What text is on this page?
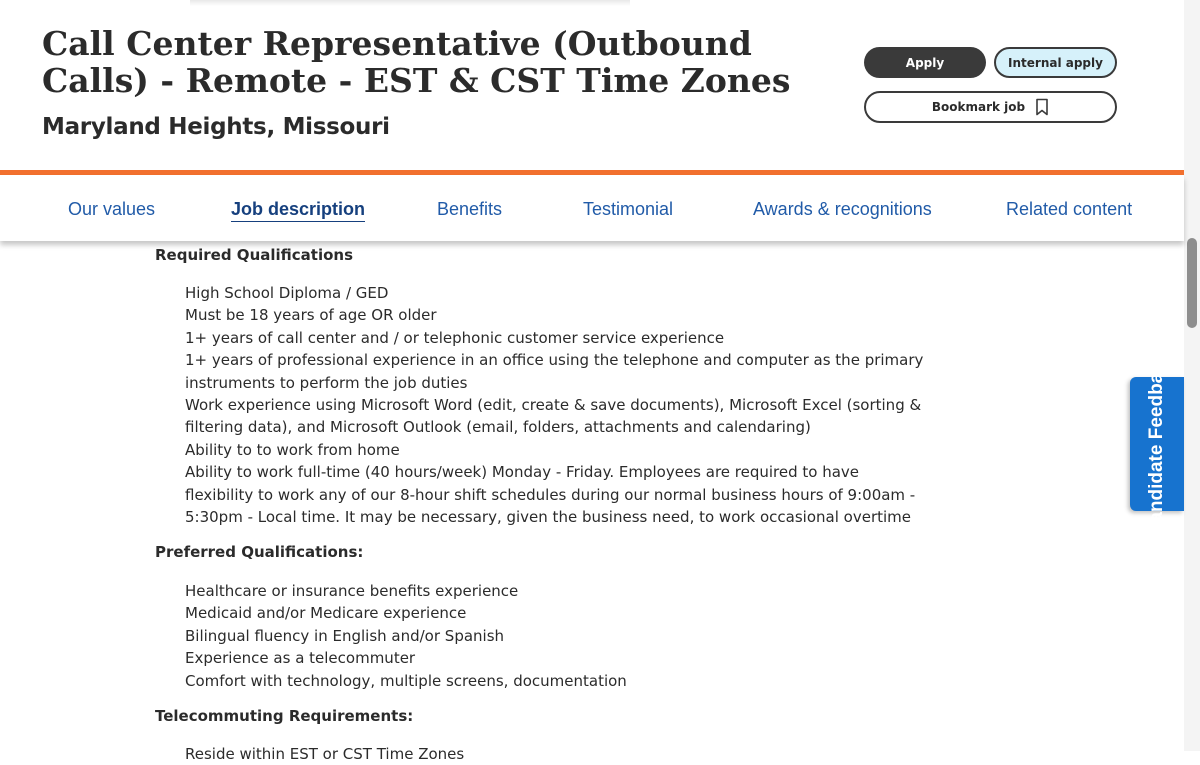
Call Center Representative (Outbound Calls) - Remote - EST & CST Time Zones
Maryland Heights, Missouri
Apply	Internal apply
Bookmark job
Our values	Job description	Benefits	Testimonial	Awards & recognitions	Related content
Required Qualifications
High School Diploma / GED
Must be 18 years of age OR older
1+ years of call center and / or telephonic customer service experience
1+ years of professional experience in an office using the telephone and computer as the primary instruments to perform the job duties
Work experience using Microsoft Word (edit, create & save documents), Microsoft Excel (sorting & filtering data), and Microsoft Outlook (email, folders, attachments and calendaring)
Ability to to work from home
Ability to work full-time (40 hours/week) Monday - Friday. Employees are required to have flexibility to work any of our 8-hour shift schedules during our normal business hours of 9:00am - 5:30pm - Local time. It may be necessary, given the business need, to work occasional overtime
Preferred Qualifications:
Healthcare or insurance benefits experience
Medicaid and/or Medicare experience
Bilingual fluency in English and/or Spanish
Experience as a telecommuter
Comfort with technology, multiple screens, documentation
Telecommuting Requirements:
Reside within EST or CST Time Zones
Candidate Feedback
